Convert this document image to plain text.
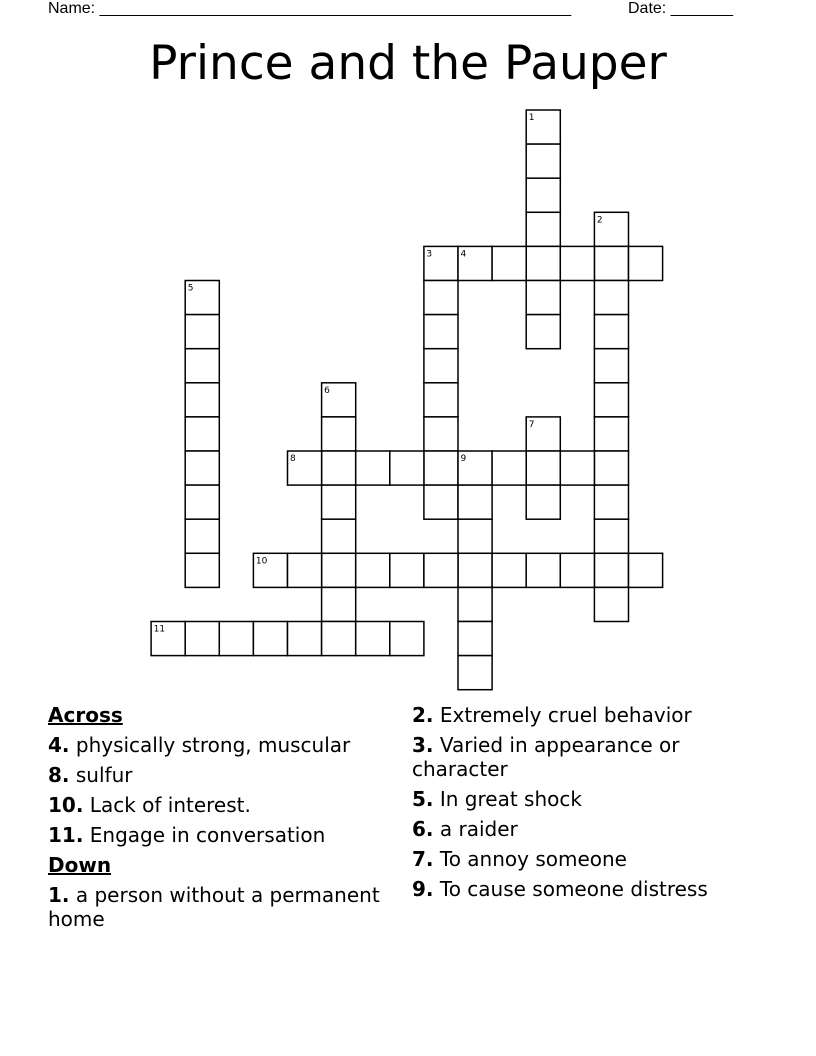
Name: _____________________________________________________	Date: _______
Prince and the Pauper
1
2
3	4
5
6
7
8	9
10
11
Across
4. physically strong, muscular
8. sulfur
10. Lack of interest.
11. Engage in conversation
Down
1. a person without a permanent home
2. Extremely cruel behavior
3. Varied in appearance or character
5. In great shock
6. a raider
7. To annoy someone
9. To cause someone distress
